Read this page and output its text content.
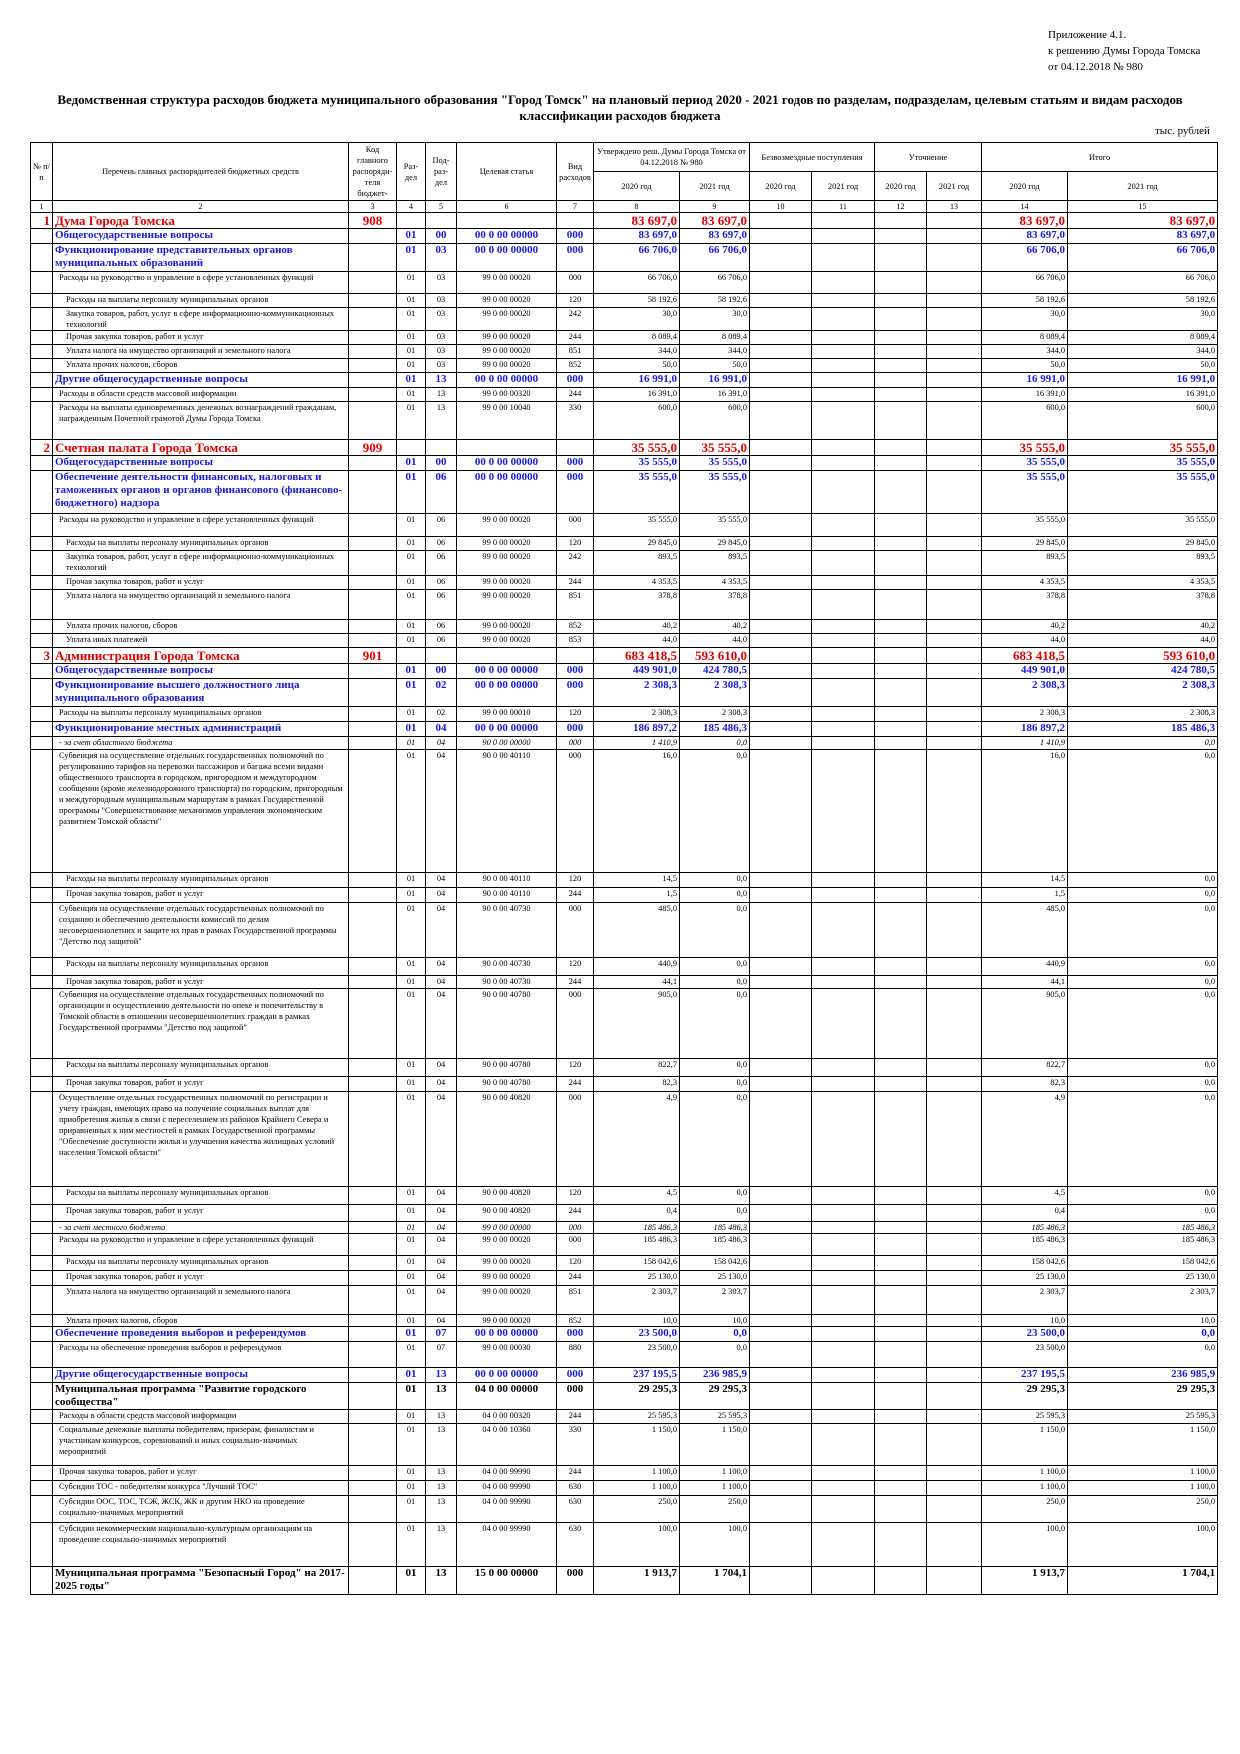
Приложение 4.1.
к решению Думы Города Томска
от 04.12.2018 № 980
Ведомственная структура расходов бюджета муниципального образования "Город Томск" на плановый период 2020 - 2021 годов по разделам, подразделам, целевым статьям и видам расходов классификации расходов бюджета
тыс. рублей
№ п/п	Перечень главных распорядителей бюджетных средств	Код главного распоряди-теля бюджет-	Раз-дел	Под-раз-дел	Целевая статья	Вид расходов	Утверждено реш. Думы Города Томска от 04.12.2018 № 980		Безвозмездные поступления		Уточнение		Итого	
							2020 год	2021 год	2020 год	2021 год	2020 год	2021 год	2020 год	2021 год
1	2	3	4	5	6	7	8	9	10	11	12	13	14	15
1	Дума Города Томска	908					83 697,0	83 697,0					83 697,0	83 697,0
	Общегосударственные вопросы		01	00	00 0 00 00000	000	83 697,0	83 697,0					83 697,0	83 697,0
	Функционирование представительных органов муниципальных образований		01	03	00 0 00 00000	000	66 706,0	66 706,0					66 706,0	66 706,0
	Расходы на руководство и управление в сфере установленных функций		01	03	99 0 00 00020	000	66 706,0	66 706,0					66 706,0	66 706,0
	Расходы на выплаты персоналу муниципальных органов		01	03	99 0 00 00020	120	58 192,6	58 192,6					58 192,6	58 192,6
	Закупка товаров, работ, услуг в сфере информационно-коммуникационных технологий		01	03	99 0 00 00020	242	30,0	30,0					30,0	30,0
	Прочая закупка товаров, работ и услуг		01	03	99 0 00 00020	244	8 089,4	8 089,4					8 089,4	8 089,4
	Уплата налога на имущество организаций и земельного налога		01	03	99 0 00 00020	851	344,0	344,0					344,0	344,0
	Уплата прочих налогов, сборов		01	03	99 0 00 00020	852	50,0	50,0					50,0	50,0
	Другие общегосударственные вопросы		01	13	00 0 00 00000	000	16 991,0	16 991,0					16 991,0	16 991,0
	Расходы в области средств массовой информации		01	13	99 0 00 00320	244	16 391,0	16 391,0					16 391,0	16 391,0
	Расходы на выплаты единовременных денежных вознаграждений гражданам, награжденным Почетной грамотой Думы Города Томска		01	13	99 0 00 10040	330	600,0	600,0					600,0	600,0
2	Счетная палата Города Томска	909					35 555,0	35 555,0					35 555,0	35 555,0
	Общегосударственные вопросы		01	00	00 0 00 00000	000	35 555,0	35 555,0					35 555,0	35 555,0
	Обеспечение деятельности финансовых, налоговых и таможенных органов и органов финансового (финансово-бюджетного) надзора		01	06	00 0 00 00000	000	35 555,0	35 555,0					35 555,0	35 555,0
	Расходы на руководство и управление в сфере установленных функций		01	06	99 0 00 00020	000	35 555,0	35 555,0					35 555,0	35 555,0
	Расходы на выплаты персоналу муниципальных органов		01	06	99 0 00 00020	120	29 845,0	29 845,0					29 845,0	29 845,0
	Закупка товаров, работ, услуг в сфере информационно-коммуникационных технологий		01	06	99 0 00 00020	242	893,5	893,5					893,5	893,5
	Прочая закупка товаров, работ и услуг		01	06	99 0 00 00020	244	4 353,5	4 353,5					4 353,5	4 353,5
	Уплата налога на имущество организаций и земельного налога		01	06	99 0 00 00020	851	378,8	378,8					378,8	378,8
	Уплата прочих налогов, сборов		01	06	99 0 00 00020	852	40,2	40,2					40,2	40,2
	Уплата иных платежей		01	06	99 0 00 00020	853	44,0	44,0					44,0	44,0
3	Администрация Города Томска	901					683 418,5	593 610,0					683 418,5	593 610,0
	Общегосударственные вопросы		01	00	00 0 00 00000	000	449 901,0	424 780,5					449 901,0	424 780,5
	Функционирование высшего должностного лица муниципального образования		01	02	00 0 00 00000	000	2 308,3	2 308,3					2 308,3	2 308,3
	Расходы на выплаты персоналу муниципальных органов		01	02	99 0 00 00010	120	2 308,3	2 308,3					2 308,3	2 308,3
	Функционирование местных администраций		01	04	00 0 00 00000	000	186 897,2	185 486,3					186 897,2	185 486,3
	- за счет областного бюджета		01	04	90 0 00 00000	000	1 410,9	0,0					1 410,9	0,0
	Субвенция на осуществление отдельных государственных полномочий по регулированию тарифов на перевозки пассажиров и багажа всеми видами общественного транспорта в городском, пригородном и междугородном сообщении (кроме железнодорожного транспорта) по городским, пригородным и междугородным муниципальным маршрутам в рамках Государственной программы "Совершенствование механизмов управления экономическим развитием Томской области"		01	04	90 0 00 40110	000	16,0	0,0					16,0	0,0
	Расходы на выплаты персоналу муниципальных органов		01	04	90 0 00 40110	120	14,5	0,0					14,5	0,0
	Прочая закупка товаров, работ и услуг		01	04	90 0 00 40110	244	1,5	0,0					1,5	0,0
	Субвенция на осуществление отдельных государственных полномочий по созданию и обеспечению деятельности комиссий по делам несовершеннолетних и защите их прав в рамках Государственной программы "Детство под защитой"		01	04	90 0 00 40730	000	485,0	0,0					485,0	0,0
	Расходы на выплаты персоналу муниципальных органов		01	04	90 0 00 40730	120	440,9	0,0					440,9	0,0
	Прочая закупка товаров, работ и услуг		01	04	90 0 00 40730	244	44,1	0,0					44,1	0,0
	Субвенция на осуществление отдельных государственных полномочий по организации и осуществлению деятельности по опеке и попечительству в Томской области в отношении несовершеннолетних граждан в рамках Государственной программы "Детство под защитой"		01	04	90 0 00 40780	000	905,0	0,0					905,0	0,0
	Расходы на выплаты персоналу муниципальных органов		01	04	90 0 00 40780	120	822,7	0,0					822,7	0,0
	Прочая закупка товаров, работ и услуг		01	04	90 0 00 40780	244	82,3	0,0					82,3	0,0
	Осуществление отдельных государственных полномочий по регистрации и учету граждан, имеющих право на получение социальных выплат для приобретения жилья в связи с переселением из районов Крайнего Севера и приравненных к ним местностей в рамках Государственной программы "Обеспечение доступности жилья и улучшения качества жилищных условий населения Томской области"		01	04	90 0 00 40820	000	4,9	0,0					4,9	0,0
	Расходы на выплаты персоналу муниципальных органов		01	04	90 0 00 40820	120	4,5	0,0					4,5	0,0
	Прочая закупка товаров, работ и услуг		01	04	90 0 00 40820	244	0,4	0,0					0,4	0,0
	- за счет местного бюджета		01	04	99 0 00 00000	000	185 486,3	185 486,3					185 486,3	185 486,3
	Расходы на руководство и управление в сфере установленных функций		01	04	99 0 00 00020	000	185 486,3	185 486,3					185 486,3	185 486,3
	Расходы на выплаты персоналу муниципальных органов		01	04	99 0 00 00020	120	158 042,6	158 042,6					158 042,6	158 042,6
	Прочая закупка товаров, работ и услуг		01	04	99 0 00 00020	244	25 130,0	25 130,0					25 130,0	25 130,0
	Уплата налога на имущество организаций и земельного налога		01	04	99 0 00 00020	851	2 303,7	2 303,7					2 303,7	2 303,7
	Уплата прочих налогов, сборов		01	04	99 0 00 00020	852	10,0	10,0					10,0	10,0
	Обеспечение проведения выборов и референдумов		01	07	00 0 00 00000	000	23 500,0	0,0					23 500,0	0,0
	Расходы на обеспечение проведения выборов и референдумов		01	07	99 0 00 00030	880	23 500,0	0,0					23 500,0	0,0
	Другие общегосударственные вопросы		01	13	00 0 00 00000	000	237 195,5	236 985,9					237 195,5	236 985,9
	Муниципальная программа "Развитие городского сообщества"		01	13	04 0 00 00000	000	29 295,3	29 295,3					29 295,3	29 295,3
	Расходы в области средств массовой информации		01	13	04 0 00 00320	244	25 595,3	25 595,3					25 595,3	25 595,3
	Социальные денежные выплаты победителям, призерам, финалистам и участникам конкурсов, соревнований и иных социально-значимых мероприятий		01	13	04 0 00 10360	330	1 150,0	1 150,0					1 150,0	1 150,0
	Прочая закупка товаров, работ и услуг		01	13	04 0 00 99990	244	1 100,0	1 100,0					1 100,0	1 100,0
	Субсидии ТОС - победителям конкурса "Лучший ТОС"		01	13	04 0 00 99990	630	1 100,0	1 100,0					1 100,0	1 100,0
	Субсидии ООС, ТОС, ТСЖ, ЖСК, ЖК и другим НКО на проведение социально-значимых мероприятий		01	13	04 0 00 99990	630	250,0	250,0					250,0	250,0
	Субсидии некоммерческим национально-культурным организациям на проведение социально-значимых мероприятий		01	13	04 0 00 99990	630	100,0	100,0					100,0	100,0
	Муниципальная программа "Безопасный Город" на 2017-2025 годы"		01	13	15 0 00 00000	000	1 913,7	1 704,1					1 913,7	1 704,1
